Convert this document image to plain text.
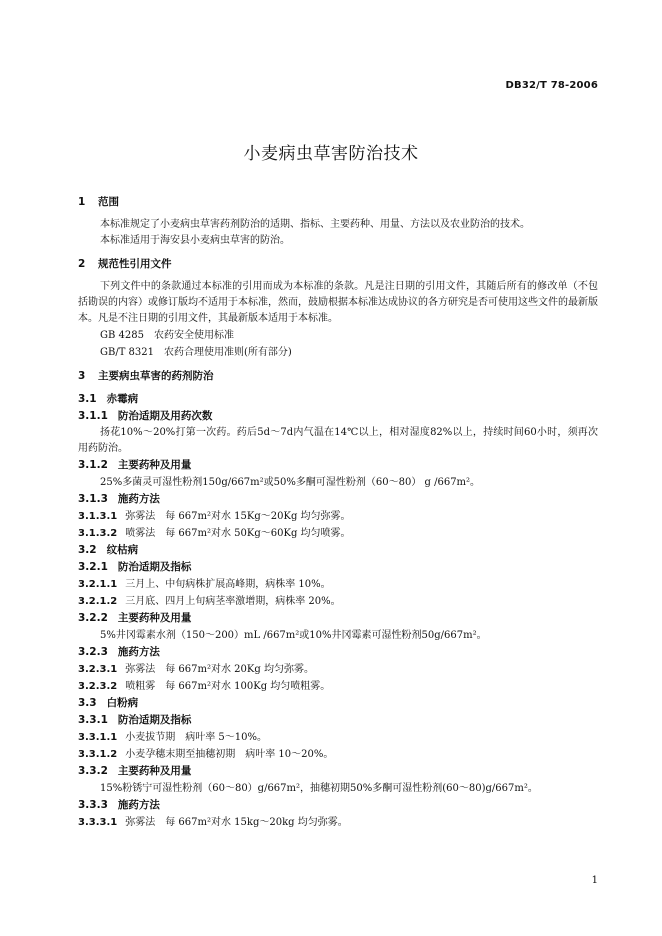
DB32/T 78-2006
小麦病虫草害防治技术
1 范围

本标准规定了小麦病虫草害药剂防治的适期、指标、主要药种、用量、方法以及农业防治的技术。

本标准适用于海安县小麦病虫草害的防治。

2 规范性引用文件

下列文件中的条款通过本标准的引用而成为本标准的条款。凡是注日期的引用文件，其随后所有的修改单（不包括勘误的内容）或修订版均不适用于本标准，然而，鼓励根据本标准达成协议的各方研究是否可使用这些文件的最新版本。凡是不注日期的引用文件，其最新版本适用于本标准。

GB 4285 农药安全使用标准
GB/T 8321 农药合理使用准则(所有部分)
3 主要病虫草害的药剂防治
3.1 赤霉病
3.1.1 防治适期及用药次数

扬花10%～20%打第一次药。药后5d～7d内气温在14℃以上，相对湿度82%以上，持续时间60小时，须再次用药防治。

3.1.2 主要药种及用量
25%多菌灵可湿性粉剂150g/667m²或50%多酮可湿性粉剂（60～80） g /667m²。
3.1.3 施药方法
3.1.3.1 弥雾法　每 667m²对水 15Kg～20Kg 均匀弥雾。
3.1.3.2 喷雾法　每 667m²对水 50Kg～60Kg 均匀喷雾。
3.2 纹枯病
3.2.1 防治适期及指标
3.2.1.1 三月上、中旬病株扩展高峰期，病株率 10%。
3.2.1.2 三月底、四月上旬病茎率激增期，病株率 20%。
3.2.2 主要药种及用量
5%井冈霉素水剂（150～200）mL /667m²或10%井冈霉素可湿性粉剂50g/667m²。
3.2.3 施药方法
3.2.3.1 弥雾法　每 667m²对水 20Kg 均匀弥雾。
3.2.3.2 喷粗雾　每 667m²对水 100Kg 均匀喷粗雾。
3.3 白粉病
3.3.1 防治适期及指标
3.3.1.1 小麦拔节期　病叶率 5～10%。
3.3.1.2 小麦孕穗末期至抽穗初期　病叶率 10～20%。
3.3.2 主要药种及用量
15%粉锈宁可湿性粉剂（60～80）g/667m²，抽穗初期50%多酮可湿性粉剂(60～80)g/667m²。
3.3.3 施药方法
3.3.3.1 弥雾法　每 667m²对水 15kg～20kg 均匀弥雾。
1
